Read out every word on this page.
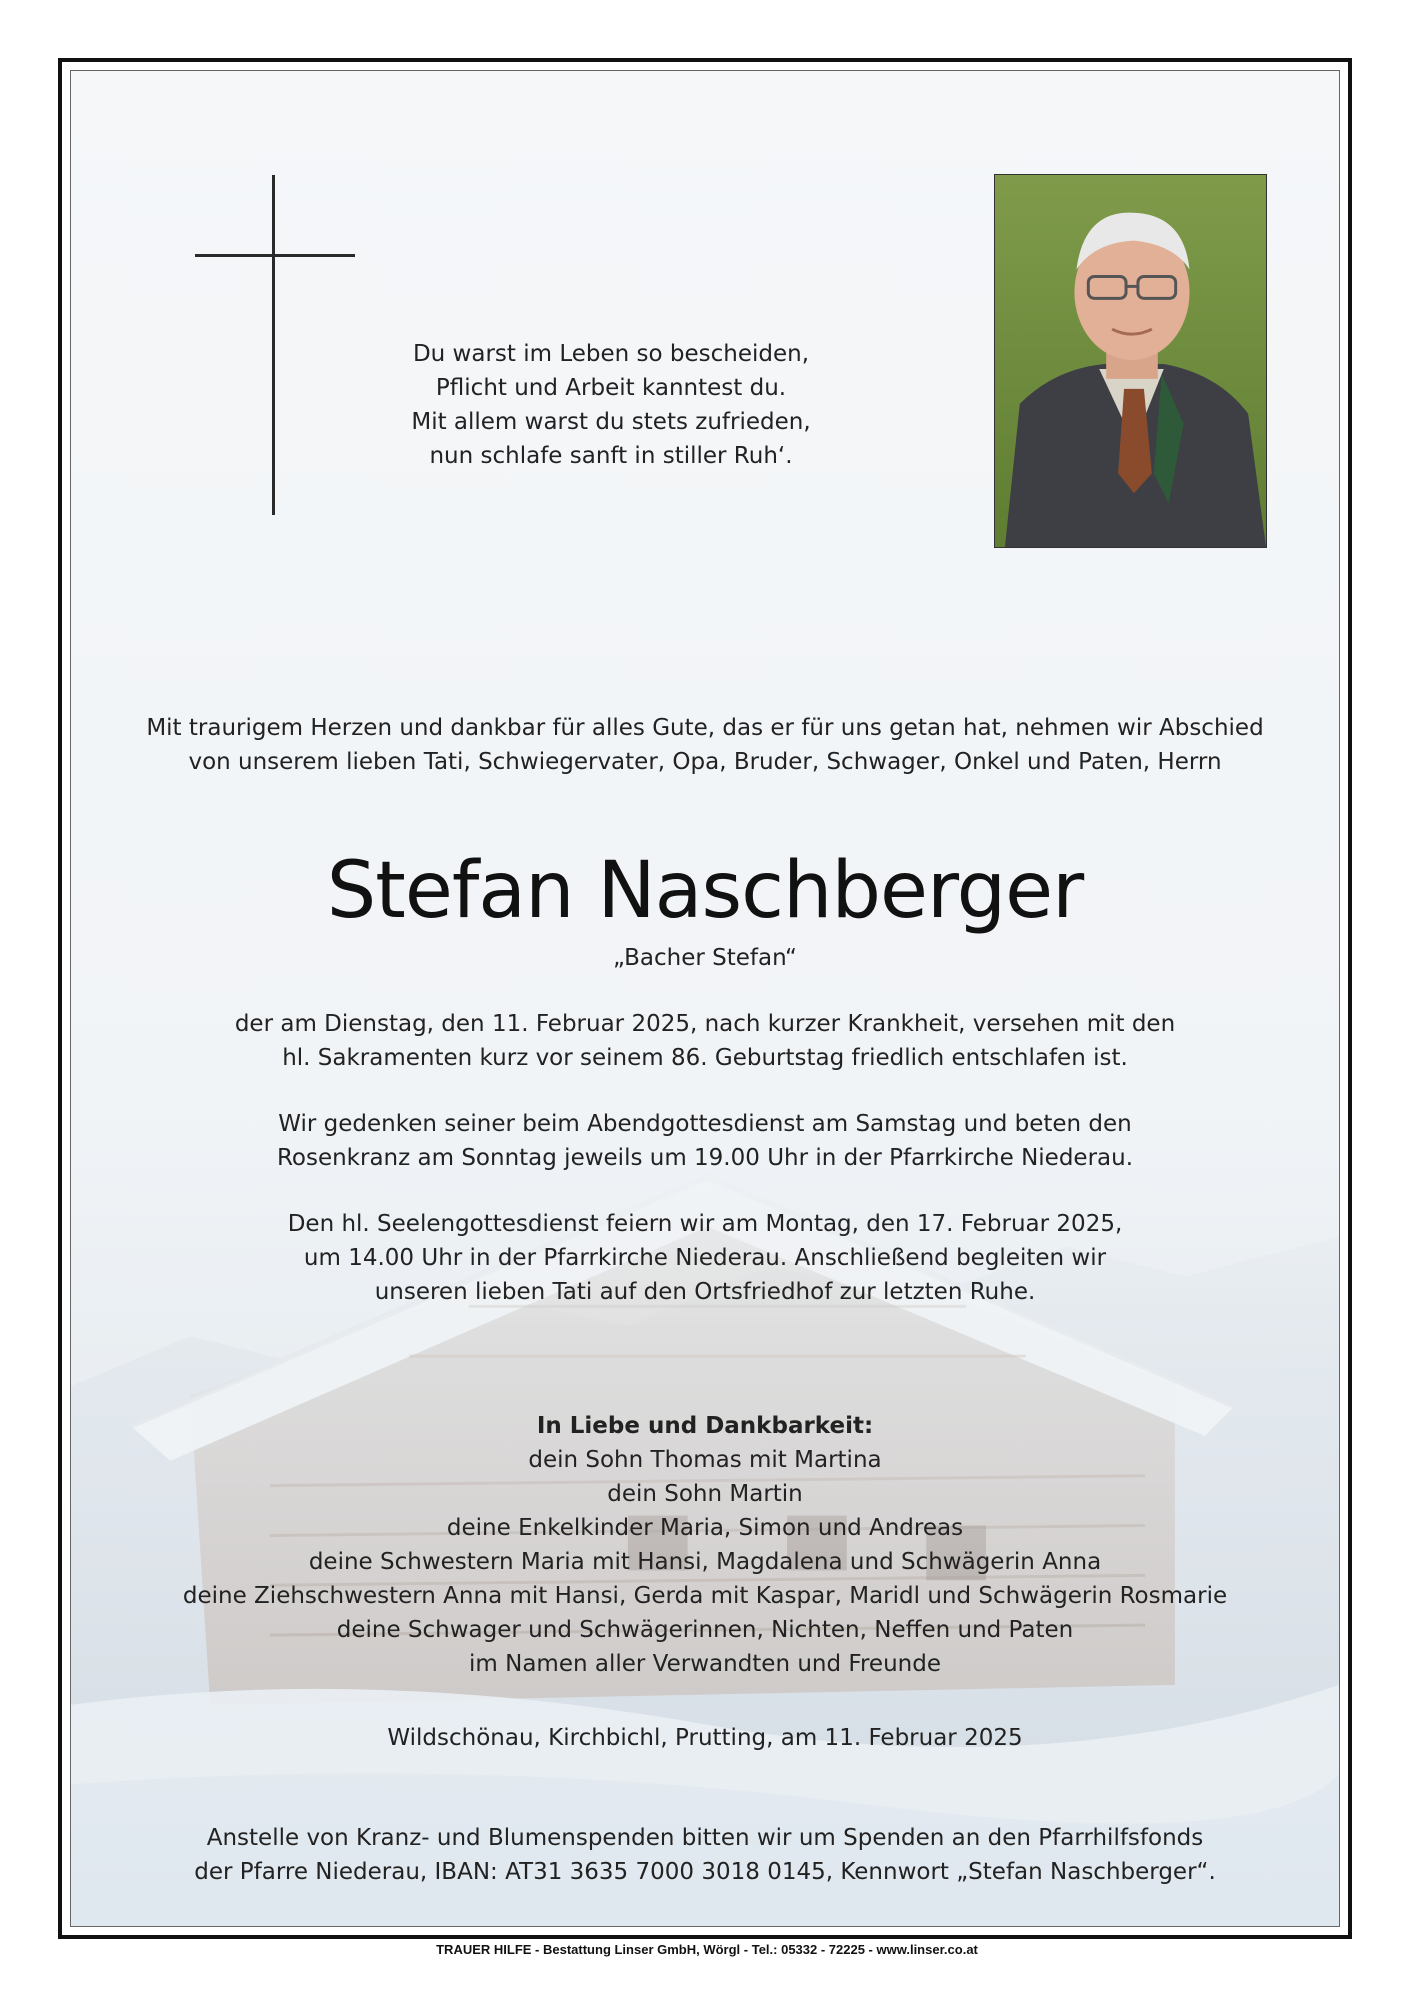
Du warst im Leben so bescheiden,
Pflicht und Arbeit kanntest du.
Mit allem warst du stets zufrieden,
nun schlafe sanft in stiller Ruh‘.
Mit traurigem Herzen und dankbar für alles Gute, das er für uns getan hat, nehmen wir Abschied
von unserem lieben Tati, Schwiegervater, Opa, Bruder, Schwager, Onkel und Paten, Herrn
Stefan Naschberger
„Bacher Stefan“
der am Dienstag, den 11. Februar 2025, nach kurzer Krankheit, versehen mit den
hl. Sakramenten kurz vor seinem 86. Geburtstag friedlich entschlafen ist.
Wir gedenken seiner beim Abendgottesdienst am Samstag und beten den
Rosenkranz am Sonntag jeweils um 19.00 Uhr in der Pfarrkirche Niederau.
Den hl. Seelengottesdienst feiern wir am Montag, den 17. Februar 2025,
um 14.00 Uhr in der Pfarrkirche Niederau. Anschließend begleiten wir
unseren lieben Tati auf den Ortsfriedhof zur letzten Ruhe.
In Liebe und Dankbarkeit:
dein Sohn Thomas mit Martina
dein Sohn Martin
deine Enkelkinder Maria, Simon und Andreas
deine Schwestern Maria mit Hansi, Magdalena und Schwägerin Anna
deine Ziehschwestern Anna mit Hansi, Gerda mit Kaspar, Maridl und Schwägerin Rosmarie
deine Schwager und Schwägerinnen, Nichten, Neffen und Paten
im Namen aller Verwandten und Freunde
Wildschönau, Kirchbichl, Prutting, am 11. Februar 2025
Anstelle von Kranz- und Blumenspenden bitten wir um Spenden an den Pfarrhilfsfonds
der Pfarre Niederau, IBAN: AT31 3635 7000 3018 0145, Kennwort „Stefan Naschberger“.
TRAUER HILFE - Bestattung Linser GmbH, Wörgl - Tel.: 05332 - 72225 - www.linser.co.at
